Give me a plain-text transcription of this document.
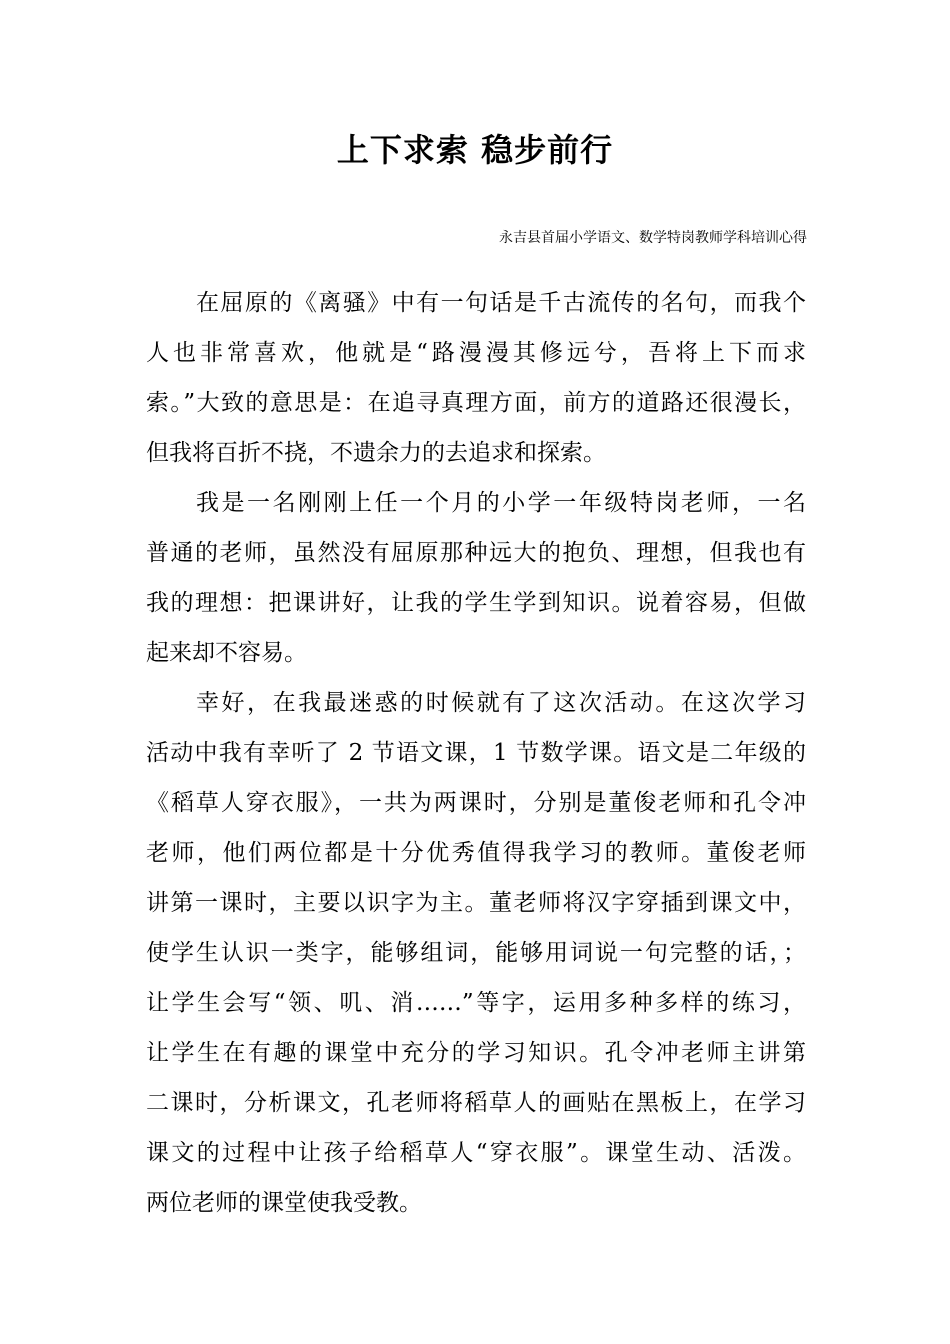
上下求索 稳步前行
永吉县首届小学语文、数学特岗教师学科培训心得
在屈原的《离骚》中有一句话是千古流传的名句，而我个
人也非常喜欢，他就是“路漫漫其修远兮，吾将上下而求
索。”大致的意思是：在追寻真理方面，前方的道路还很漫长，
但我将百折不挠，不遗余力的去追求和探索。
我是一名刚刚上任一个月的小学一年级特岗老师，一名
普通的老师，虽然没有屈原那种远大的抱负、理想，但我也有
我的理想：把课讲好，让我的学生学到知识。说着容易，但做
起来却不容易。
幸好，在我最迷惑的时候就有了这次活动。在这次学习
活动中我有幸听了 2 节语文课，1 节数学课。语文是二年级的
《稻草人穿衣服》，一共为两课时，分别是董俊老师和孔令冲
老师，他们两位都是十分优秀值得我学习的教师。董俊老师
讲第一课时，主要以识字为主。董老师将汉字穿插到课文中，
使学生认识一类字，能够组词，能够用词说一句完整的话，；
让学生会写“领、叽、消……”等字，运用多种多样的练习，
让学生在有趣的课堂中充分的学习知识。孔令冲老师主讲第
二课时，分析课文，孔老师将稻草人的画贴在黑板上，在学习
课文的过程中让孩子给稻草人“穿衣服”。课堂生动、活泼。
两位老师的课堂使我受教。
